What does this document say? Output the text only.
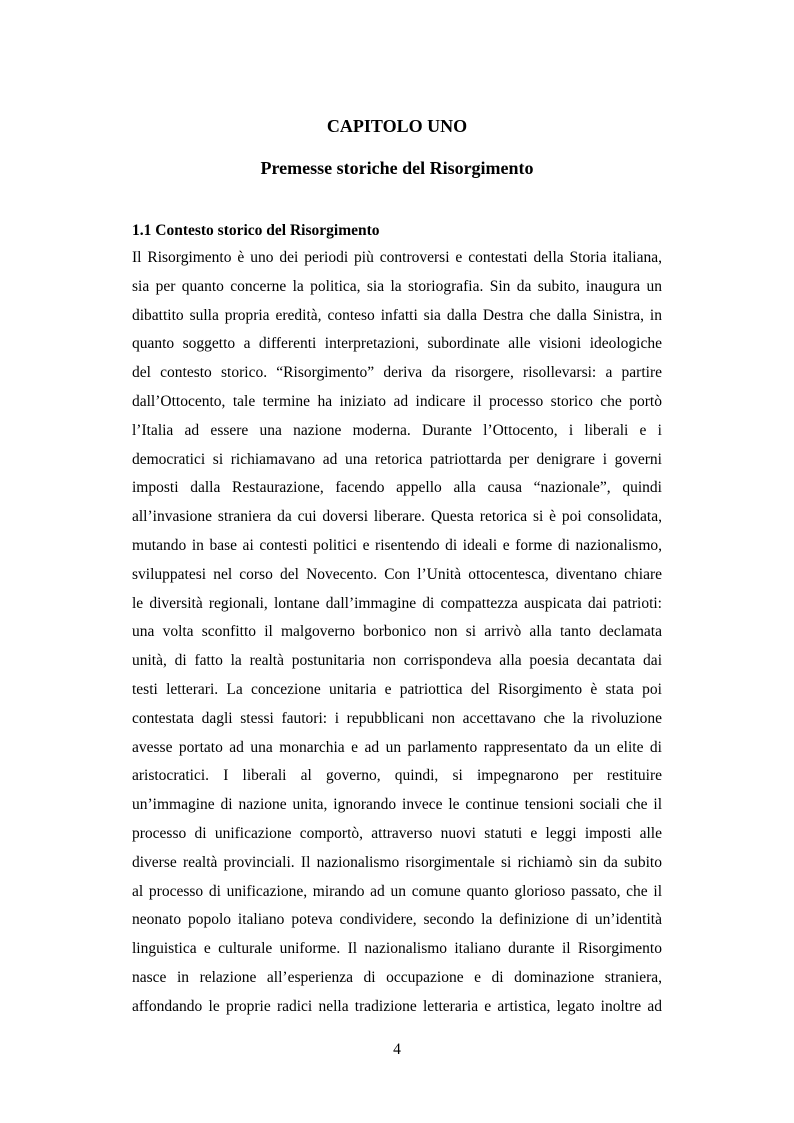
CAPITOLO UNO
Premesse storiche del Risorgimento
1.1 Contesto storico del Risorgimento
Il Risorgimento è uno dei periodi più controversi e contestati della Storia italiana,
sia per quanto concerne la politica, sia la storiografia. Sin da subito, inaugura un
dibattito sulla propria eredità, conteso infatti sia dalla Destra che dalla Sinistra, in
quanto soggetto a differenti interpretazioni, subordinate alle visioni ideologiche
del contesto storico. “Risorgimento” deriva da risorgere, risollevarsi: a partire
dall’Ottocento, tale termine ha iniziato ad indicare il processo storico che portò
l’Italia ad essere una nazione moderna. Durante l’Ottocento, i liberali e i
democratici si richiamavano ad una retorica patriottarda per denigrare i governi
imposti dalla Restaurazione, facendo appello alla causa “nazionale”, quindi
all’invasione straniera da cui doversi liberare. Questa retorica si è poi consolidata,
mutando in base ai contesti politici e risentendo di ideali e forme di nazionalismo,
sviluppatesi nel corso del Novecento. Con l’Unità ottocentesca, diventano chiare
le diversità regionali, lontane dall’immagine di compattezza auspicata dai patrioti:
una volta sconfitto il malgoverno borbonico non si arrivò alla tanto declamata
unità, di fatto la realtà postunitaria non corrispondeva alla poesia decantata dai
testi letterari. La concezione unitaria e patriottica del Risorgimento è stata poi
contestata dagli stessi fautori: i repubblicani non accettavano che la rivoluzione
avesse portato ad una monarchia e ad un parlamento rappresentato da un elite di
aristocratici. I liberali al governo, quindi, si impegnarono per restituire
un’immagine di nazione unita, ignorando invece le continue tensioni sociali che il
processo di unificazione comportò, attraverso nuovi statuti e leggi imposti alle
diverse realtà provinciali. Il nazionalismo risorgimentale si richiamò sin da subito
al processo di unificazione, mirando ad un comune quanto glorioso passato, che il
neonato popolo italiano poteva condividere, secondo la definizione di un’identità
linguistica e culturale uniforme. Il nazionalismo italiano durante il Risorgimento
nasce in relazione all’esperienza di occupazione e di dominazione straniera,
affondando le proprie radici nella tradizione letteraria e artistica, legato inoltre ad
4
